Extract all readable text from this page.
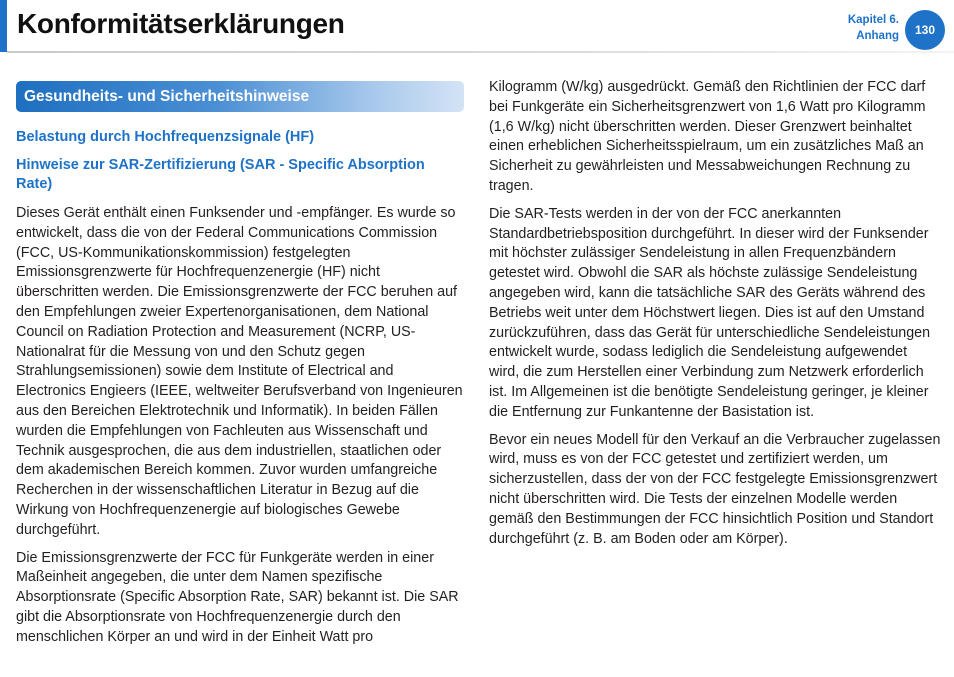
Konformitätserklärungen	Kapitel 6.
Anhang	130
Gesundheits- und Sicherheitshinweise
Belastung durch Hochfrequenzsignale (HF)
Hinweise zur SAR-Zertifizierung (SAR - Specific Absorption Rate)

Dieses Gerät enthält einen Funksender und -empfänger. Es wurde so entwickelt, dass die von der Federal Communications Commission (FCC, US-Kommunikationskommission) festgelegten Emissionsgrenzwerte für Hochfrequenzenergie (HF) nicht überschritten werden. Die Emissionsgrenzwerte der FCC beruhen auf den Empfehlungen zweier Expertenorganisationen, dem National Council on Radiation Protection and Measurement (NCRP, US-Nationalrat für die Messung von und den Schutz gegen Strahlungsemissionen) sowie dem Institute of Electrical and Electronics Engieers (IEEE, weltweiter Berufsverband von Ingenieuren aus den Bereichen Elektrotechnik und Informatik). In beiden Fällen wurden die Empfehlungen von Fachleuten aus Wissenschaft und Technik ausgesprochen, die aus dem industriellen, staatlichen oder dem akademischen Bereich kommen. Zuvor wurden umfangreiche Recherchen in der wissenschaftlichen Literatur in Bezug auf die Wirkung von Hochfrequenzenergie auf biologisches Gewebe durchgeführt.

Die Emissionsgrenzwerte der FCC für Funkgeräte werden in einer Maßeinheit angegeben, die unter dem Namen spezifische Absorptionsrate (Specific Absorption Rate, SAR) bekannt ist. Die SAR gibt die Absorptionsrate von Hochfrequenzenergie durch den menschlichen Körper an und wird in der Einheit Watt pro

Kilogramm (W/kg) ausgedrückt. Gemäß den Richtlinien der FCC darf bei Funkgeräte ein Sicherheitsgrenzwert von 1,6 Watt pro Kilogramm (1,6 W/kg) nicht überschritten werden. Dieser Grenzwert beinhaltet einen erheblichen Sicherheitsspielraum, um ein zusätzliches Maß an Sicherheit zu gewährleisten und Messabweichungen Rechnung zu tragen.

Die SAR-Tests werden in der von der FCC anerkannten Standardbetriebsposition durchgeführt. In dieser wird der Funksender mit höchster zulässiger Sendeleistung in allen Frequenzbändern getestet wird. Obwohl die SAR als höchste zulässige Sendeleistung angegeben wird, kann die tatsächliche SAR des Geräts während des Betriebs weit unter dem Höchstwert liegen. Dies ist auf den Umstand zurückzuführen, dass das Gerät für unterschiedliche Sendeleistungen entwickelt wurde, sodass lediglich die Sendeleistung aufgewendet wird, die zum Herstellen einer Verbindung zum Netzwerk erforderlich ist. Im Allgemeinen ist die benötigte Sendeleistung geringer, je kleiner die Entfernung zur Funkantenne der Basistation ist.

Bevor ein neues Modell für den Verkauf an die Verbraucher zugelassen wird, muss es von der FCC getestet und zertifiziert werden, um sicherzustellen, dass der von der FCC festgelegte Emissionsgrenzwert nicht überschritten wird. Die Tests der einzelnen Modelle werden gemäß den Bestimmungen der FCC hinsichtlich Position und Standort durchgeführt (z. B. am Boden oder am Körper).
